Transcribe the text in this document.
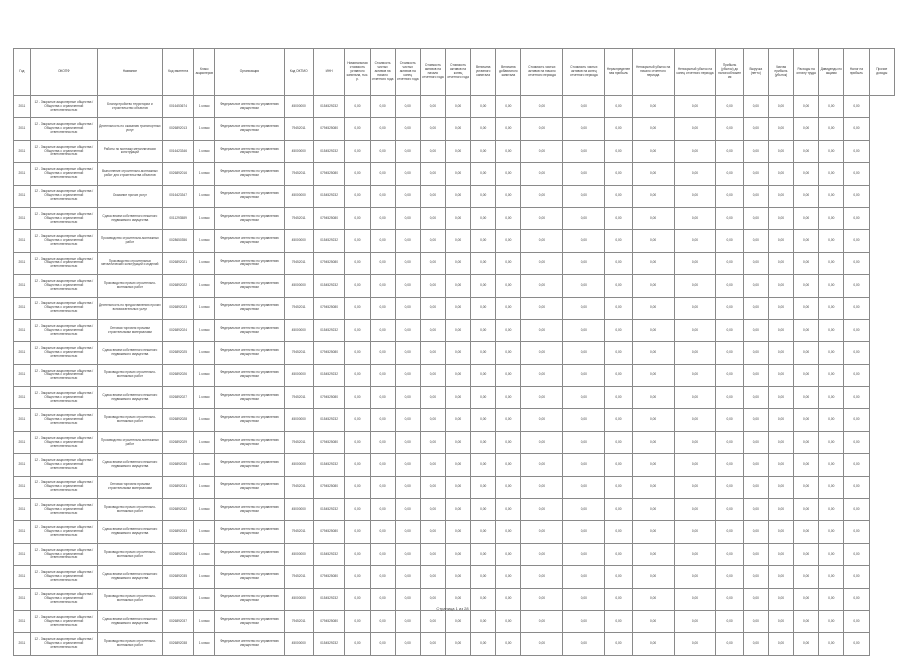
Год	ОКОПФ	Название	Код эмитента	Класс акционеров	Организация	Код ОКТМО	ИНН	Номинальная стоимость уставного капитала, тыс. р.	Стоимость чистых активов на начало отчетного года	Стоимость чистых активов на конец отчетного года	Стоимость активов на начало отчетного года	Стоимость активов на конец отчетного года	Величина уставного капитала	Величина добавочного капитала	Стоимость чистых активов на начало отчетного периода	Стоимость чистых активов на конец отчетного периода	Нераспределенная прибыль	Непокрытый убыток на начало отчетного периода	Непокрытый убыток на конец отчетного периода	Прибыль (убыток) до налогообложения	Выручка (нетто)	Чистая прибыль (убыток)	Расходы на оплату труда	Дивиденды по акциям	Налог на прибыль	Прочие доходы
2011	12 - Закрытые акционерные общества / Общества с ограниченной ответственностью	Благоустройство территории и строительство объектов	0016453674	1 класс	Федеральное агентство по управлению имуществом	45000000	0154529232	0,00	0,00	0,00	0,00	0,00	0,00	0,00	0,00	0,00	0,00	0,00	0,00	0,00	0,00	0,00	0,00	0,00	0,00	
2011	12 - Закрытые акционерные общества / Общества с ограниченной ответственностью	Деятельность по оказанию транспортных услуг	0026892013	1 класс	Федеральное агентство по управлению имуществом	79452011	0794525080	0,00	0,00	0,00	0,00	0,00	0,00	0,00	0,00	0,00	0,00	0,00	0,00	0,00	0,00	0,00	0,00	0,00	0,00	
2011	12 - Закрытые акционерные общества / Общества с ограниченной ответственностью	Работы по монтажу металлических конструкций	0016423346	1 класс	Федеральное агентство по управлению имуществом	45000000	0154529232	0,00	0,00	0,00	0,00	0,00	0,00	0,00	0,00	0,00	0,00	0,00	0,00	0,00	0,00	0,00	0,00	0,00	0,00	
2011	12 - Закрытые акционерные общества / Общества с ограниченной ответственностью	Выполнение строительно-монтажных работ для строительства объектов	0026892016	1 класс	Федеральное агентство по управлению имуществом	79452011	0794525080	0,00	0,00	0,00	0,00	0,00	0,00	0,00	0,00	0,00	0,00	0,00	0,00	0,00	0,00	0,00	0,00	0,00	0,00	
2011	12 - Закрытые акционерные общества / Общества с ограниченной ответственностью	Оказание прочих услуг	0016423347	1 класс	Федеральное агентство по управлению имуществом	45000000	0154529232	0,00	0,00	0,00	0,00	0,00	0,00	0,00	0,00	0,00	0,00	0,00	0,00	0,00	0,00	0,00	0,00	0,00	0,00	
2011	12 - Закрытые акционерные общества / Общества с ограниченной ответственностью	Сдача внаем собственного нежилого недвижимого имущества	0011293589	1 класс	Федеральное агентство по управлению имуществом	79452011	0794525080	0,00	0,00	0,00	0,00	0,00	0,00	0,00	0,00	0,00	0,00	0,00	0,00	0,00	0,00	0,00	0,00	0,00	0,00	
2011	12 - Закрытые акционерные общества / Общества с ограниченной ответственностью	Производство строительно-монтажных работ	0028650356	1 класс	Федеральное агентство по управлению имуществом	45000000	0154529232	0,00	0,00	0,00	0,00	0,00	0,00	0,00	0,00	0,00	0,00	0,00	0,00	0,00	0,00	0,00	0,00	0,00	0,00	
2011	12 - Закрытые акционерные общества / Общества с ограниченной ответственностью	Производство строительных металлических конструкций и изделий	0026892021	1 класс	Федеральное агентство по управлению имуществом	79452011	0794525080	0,00	0,00	0,00	0,00	0,00	0,00	0,00	0,00	0,00	0,00	0,00	0,00	0,00	0,00	0,00	0,00	0,00	0,00	
2011	12 - Закрытые акционерные общества / Общества с ограниченной ответственностью	Производство прочих строительно-монтажных работ	0026892022	1 класс	Федеральное агентство по управлению имуществом	45000000	0154529232	0,00	0,00	0,00	0,00	0,00	0,00	0,00	0,00	0,00	0,00	0,00	0,00	0,00	0,00	0,00	0,00	0,00	0,00	
2011	12 - Закрытые акционерные общества / Общества с ограниченной ответственностью	Деятельность по предоставлению прочих вспомогательных услуг	0026892023	1 класс	Федеральное агентство по управлению имуществом	79452011	0794525080	0,00	0,00	0,00	0,00	0,00	0,00	0,00	0,00	0,00	0,00	0,00	0,00	0,00	0,00	0,00	0,00	0,00	0,00	
2011	12 - Закрытые акционерные общества / Общества с ограниченной ответственностью	Оптовая торговля прочими строительными материалами	0026892024	1 класс	Федеральное агентство по управлению имуществом	45000000	0154529232	0,00	0,00	0,00	0,00	0,00	0,00	0,00	0,00	0,00	0,00	0,00	0,00	0,00	0,00	0,00	0,00	0,00	0,00	
2011	12 - Закрытые акционерные общества / Общества с ограниченной ответственностью	Сдача внаем собственного нежилого недвижимого имущества	0026892025	1 класс	Федеральное агентство по управлению имуществом	79452011	0794525080	0,00	0,00	0,00	0,00	0,00	0,00	0,00	0,00	0,00	0,00	0,00	0,00	0,00	0,00	0,00	0,00	0,00	0,00	
2011	12 - Закрытые акционерные общества / Общества с ограниченной ответственностью	Производство прочих строительно-монтажных работ	0026892026	1 класс	Федеральное агентство по управлению имуществом	45000000	0154529232	0,00	0,00	0,00	0,00	0,00	0,00	0,00	0,00	0,00	0,00	0,00	0,00	0,00	0,00	0,00	0,00	0,00	0,00	
2011	12 - Закрытые акционерные общества / Общества с ограниченной ответственностью	Сдача внаем собственного нежилого недвижимого имущества	0026892027	1 класс	Федеральное агентство по управлению имуществом	79452011	0794525080	0,00	0,00	0,00	0,00	0,00	0,00	0,00	0,00	0,00	0,00	0,00	0,00	0,00	0,00	0,00	0,00	0,00	0,00	
2011	12 - Закрытые акционерные общества / Общества с ограниченной ответственностью	Производство прочих строительно-монтажных работ	0026892028	1 класс	Федеральное агентство по управлению имуществом	45000000	0154529232	0,00	0,00	0,00	0,00	0,00	0,00	0,00	0,00	0,00	0,00	0,00	0,00	0,00	0,00	0,00	0,00	0,00	0,00	
2011	12 - Закрытые акционерные общества / Общества с ограниченной ответственностью	Производство строительно-монтажных работ	0026892029	1 класс	Федеральное агентство по управлению имуществом	79452011	0794525080	0,00	0,00	0,00	0,00	0,00	0,00	0,00	0,00	0,00	0,00	0,00	0,00	0,00	0,00	0,00	0,00	0,00	0,00	
2011	12 - Закрытые акционерные общества / Общества с ограниченной ответственностью	Сдача внаем собственного нежилого недвижимого имущества	0026892030	1 класс	Федеральное агентство по управлению имуществом	45000000	0154529232	0,00	0,00	0,00	0,00	0,00	0,00	0,00	0,00	0,00	0,00	0,00	0,00	0,00	0,00	0,00	0,00	0,00	0,00	
2011	12 - Закрытые акционерные общества / Общества с ограниченной ответственностью	Оптовая торговля прочими строительными материалами	0026892031	1 класс	Федеральное агентство по управлению имуществом	79452011	0794525080	0,00	0,00	0,00	0,00	0,00	0,00	0,00	0,00	0,00	0,00	0,00	0,00	0,00	0,00	0,00	0,00	0,00	0,00	
2011	12 - Закрытые акционерные общества / Общества с ограниченной ответственностью	Производство прочих строительно-монтажных работ	0026892032	1 класс	Федеральное агентство по управлению имуществом	45000000	0154529232	0,00	0,00	0,00	0,00	0,00	0,00	0,00	0,00	0,00	0,00	0,00	0,00	0,00	0,00	0,00	0,00	0,00	0,00	
2011	12 - Закрытые акционерные общества / Общества с ограниченной ответственностью	Сдача внаем собственного нежилого недвижимого имущества	0026892033	1 класс	Федеральное агентство по управлению имуществом	79452011	0794525080	0,00	0,00	0,00	0,00	0,00	0,00	0,00	0,00	0,00	0,00	0,00	0,00	0,00	0,00	0,00	0,00	0,00	0,00	
2011	12 - Закрытые акционерные общества / Общества с ограниченной ответственностью	Производство прочих строительно-монтажных работ	0026892034	1 класс	Федеральное агентство по управлению имуществом	45000000	0154529232	0,00	0,00	0,00	0,00	0,00	0,00	0,00	0,00	0,00	0,00	0,00	0,00	0,00	0,00	0,00	0,00	0,00	0,00	
2011	12 - Закрытые акционерные общества / Общества с ограниченной ответственностью	Сдача внаем собственного нежилого недвижимого имущества	0026892035	1 класс	Федеральное агентство по управлению имуществом	79452011	0794525080	0,00	0,00	0,00	0,00	0,00	0,00	0,00	0,00	0,00	0,00	0,00	0,00	0,00	0,00	0,00	0,00	0,00	0,00	
2011	12 - Закрытые акционерные общества / Общества с ограниченной ответственностью	Производство прочих строительно-монтажных работ	0026892036	1 класс	Федеральное агентство по управлению имуществом	45000000	0154529232	0,00	0,00	0,00	0,00	0,00	0,00	0,00	0,00	0,00	0,00	0,00	0,00	0,00	0,00	0,00	0,00	0,00	0,00	
2011	12 - Закрытые акционерные общества / Общества с ограниченной ответственностью	Сдача внаем собственного нежилого недвижимого имущества	0026892037	1 класс	Федеральное агентство по управлению имуществом	79452011	0794525080	0,00	0,00	0,00	0,00	0,00	0,00	0,00	0,00	0,00	0,00	0,00	0,00	0,00	0,00	0,00	0,00	0,00	0,00	
2011	12 - Закрытые акционерные общества / Общества с ограниченной ответственностью	Производство прочих строительно-монтажных работ	0026892038	1 класс	Федеральное агентство по управлению имуществом	45000000	0154529232	0,00	0,00	0,00	0,00	0,00	0,00	0,00	0,00	0,00	0,00	0,00	0,00	0,00	0,00	0,00	0,00	0,00	0,00	
Страница 1 из 28
